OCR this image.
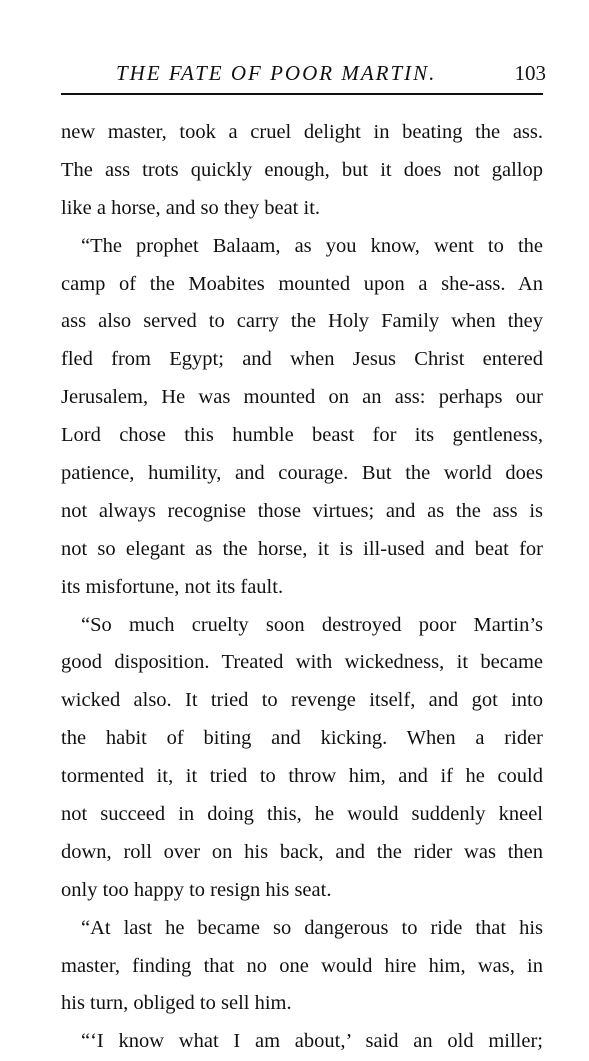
THE FATE OF POOR MARTIN.	103
new master, took a cruel delight in beating the ass.
The ass trots quickly enough, but it does not gallop
like a horse, and so they beat it.
“The prophet Balaam, as you know, went to the
camp of the Moabites mounted upon a she-ass. An
ass also served to carry the Holy Family when they
fled from Egypt; and when Jesus Christ entered
Jerusalem, He was mounted on an ass: perhaps our
Lord chose this humble beast for its gentleness,
patience, humility, and courage. But the world does
not always recognise those virtues; and as the ass is
not so elegant as the horse, it is ill-used and beat for
its misfortune, not its fault.
“So much cruelty soon destroyed poor Martin’s
good disposition. Treated with wickedness, it became
wicked also. It tried to revenge itself, and got into
the habit of biting and kicking. When a rider
tormented it, it tried to throw him, and if he could
not succeed in doing this, he would suddenly kneel
down, roll over on his back, and the rider was then
only too happy to resign his seat.
“At last he became so dangerous to ride that his
master, finding that no one would hire him, was, in
his turn, obliged to sell him.
“‘I know what I am about,’ said an old miller;
